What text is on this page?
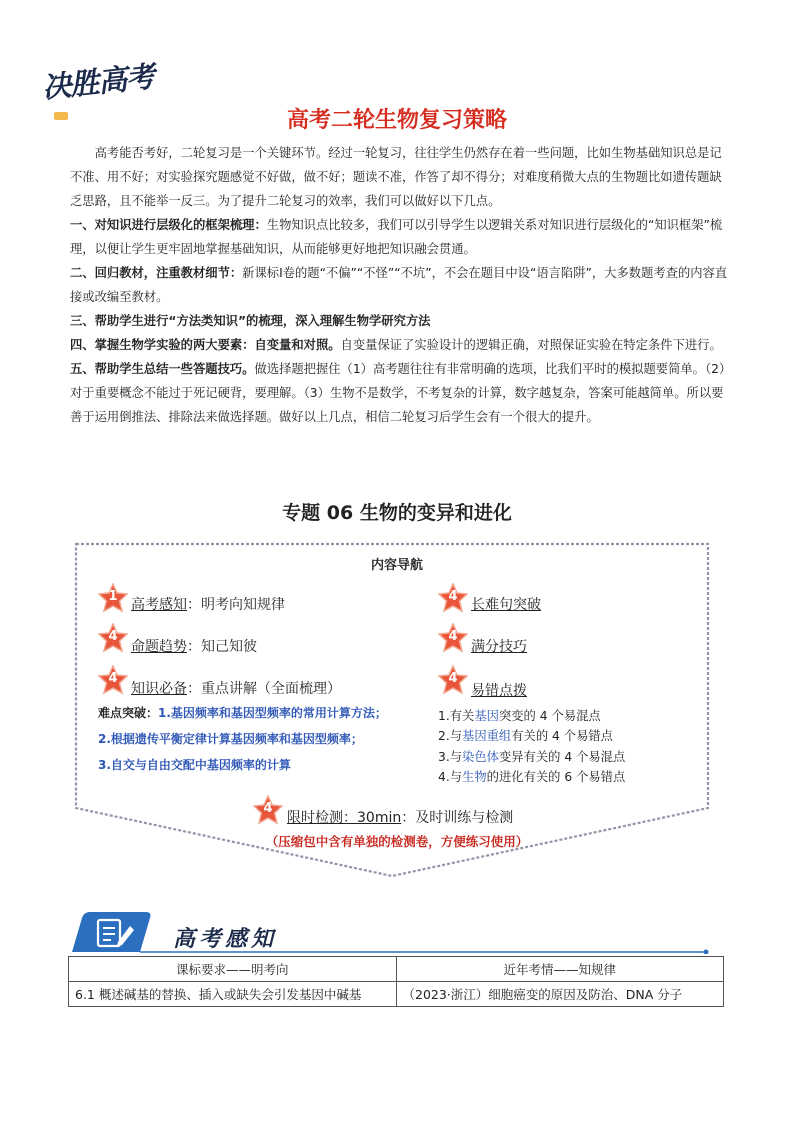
决胜高考
高考二轮生物复习策略

高考能否考好，二轮复习是一个关键环节。经过一轮复习，往往学生仍然存在着一些问题，比如生物基础知识总是记不准、用不好；对实验探究题感觉不好做，做不好；题读不准，作答了却不得分；对难度稍微大点的生物题比如遗传题缺乏思路，且不能举一反三。为了提升二轮复习的效率，我们可以做好以下几点。

一、对知识进行层级化的框架梳理：生物知识点比较多，我们可以引导学生以逻辑关系对知识进行层级化的“知识框架”梳理，以便让学生更牢固地掌握基础知识，从而能够更好地把知识融会贯通。

二、回归教材，注重教材细节：新课标Ⅰ卷的题“不偏”“不怪”“不坑”，不会在题目中设“语言陷阱”，大多数题考查的内容直接或改编至教材。

三、帮助学生进行“方法类知识”的梳理，深入理解生物学研究方法

四、掌握生物学实验的两大要素：自变量和对照。自变量保证了实验设计的逻辑正确，对照保证实验在特定条件下进行。

五、帮助学生总结一些答题技巧。做选择题把握住（1）高考题往往有非常明确的选项，比我们平时的模拟题要简单。（2）对于重要概念不能过于死记硬背，要理解。（3）生物不是数学，不考复杂的计算，数字越复杂，答案可能越简单。所以要善于运用倒推法、排除法来做选择题。做好以上几点，相信二轮复习后学生会有一个很大的提升。

专题 06 生物的变异和进化
内容导航
1
高考感知：明考向知规律
4
命题趋势：知己知彼
4
知识必备：重点讲解（全面梳理）
4
长难句突破
4
满分技巧
4
易错点拨
难点突破：1.基因频率和基因型频率的常用计算方法；
2.根据遗传平衡定律计算基因频率和基因型频率；
3.自交与自由交配中基因频率的计算
1.有关基因突变的 4 个易混点
2.与基因重组有关的 4 个易错点
3.与染色体变异有关的 4 个易混点
4.与生物的进化有关的 6 个易错点
4
限时检测：30min：及时训练与检测
（压缩包中含有单独的检测卷，方便练习使用）
高考感知
课标要求——明考向	近年考情——知规律
6.1 概述碱基的替换、插入或缺失会引发基因中碱基	（2023·浙江）细胞癌变的原因及防治、DNA 分子
